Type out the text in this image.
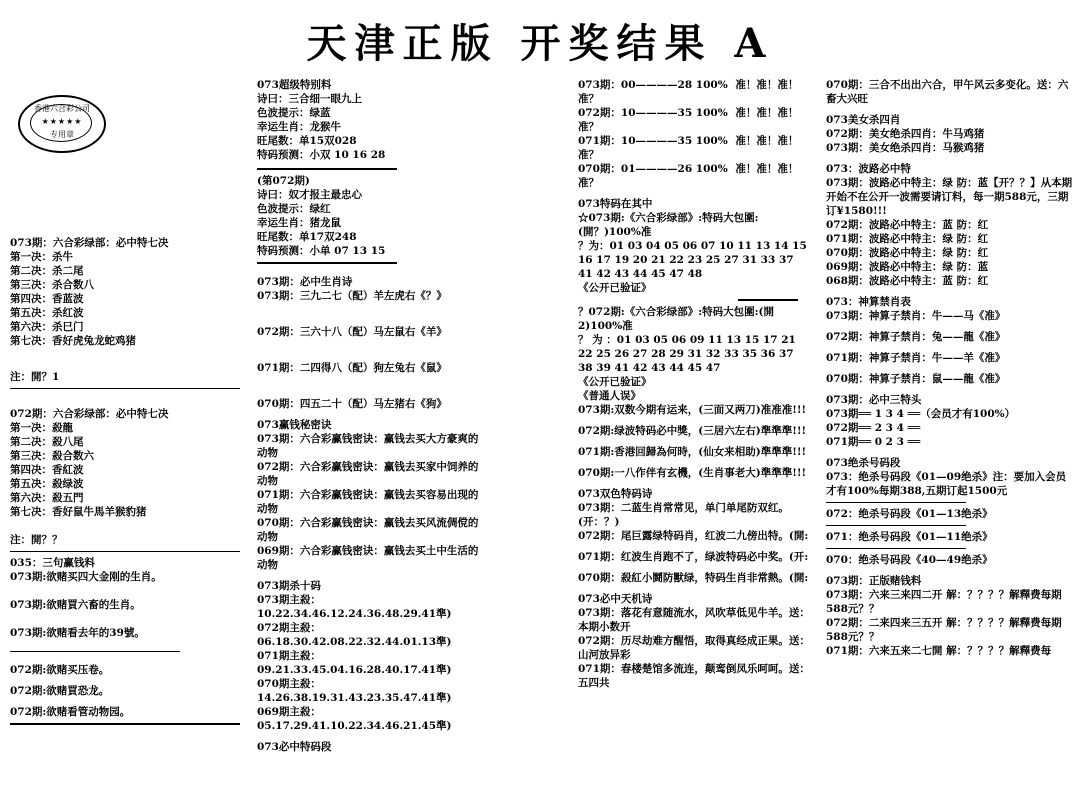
天津正版 开奖结果 A
香港六合彩公司
★★★★★
专用章
073期：六合彩绿部：必中特七决
第一决：杀牛
第二决：杀二尾
第三决：杀合数八
第四决：香蓝波
第五决：杀红波
第六决：杀巳门
第七决：香好虎兔龙蛇鸡猪
注：開？1
072期：六合彩绿部：必中特七决
第一决：殺龍
第二决：殺八尾
第三决：殺合数六
第四决：香紅波
第五决：殺绿波
第六决：殺五門
第七决：香好鼠牛馬羊猴豹猪
注：開？？
035：三句赢钱料
073期:欲赌买四大金刚的生肖。
073期:欲赌買六畜的生肖。
073期:欲赌看去年的39號。
072期:欲赌买压卷。
072期:欲赌買恐龙。
072期:欲赌看管动物园。
073超级特别料
诗曰：三合细一眼九上
色波提示：绿蓝
幸运生肖：龙猴牛
旺尾数：单15双028
特码预测：小双 10 16 28
(第072期)
诗曰：奴才报主最忠心
色波提示：绿红
幸运生肖：猪龙鼠
旺尾数：单17双248
特码预测：小单 07 13 15
073期：必中生肖诗
073期：三九二七（配）羊左虎右《？》
072期：三六十八（配）马左鼠右《羊》
071期：二四得八（配）狗左兔右《鼠》
070期：四五二十（配）马左猪右《狗》
073赢钱秘密诀
073期：六合彩赢钱密诀：赢钱去买大方豪爽的动物
072期：六合彩赢钱密诀：赢钱去买家中饲养的动物
071期：六合彩赢钱密诀：赢钱去买容易出现的动物
070期：六合彩赢钱密诀：赢钱去买风流倜傥的动物
069期：六合彩赢钱密诀：赢钱去买土中生活的动物
073期杀十码
073期主殺： 10.22.34.46.12.24.36.48.29.41準)
072期主殺： 06.18.30.42.08.22.32.44.01.13準)
071期主殺： 09.21.33.45.04.16.28.40.17.41準)
070期主殺： 14.26.38.19.31.43.23.35.47.41準)
069期主殺： 05.17.29.41.10.22.34.46.21.45準)
073必中特码段
073期：00————28 100% 准！准！准！准？
072期：10————35 100% 准！准！准！准？
071期：10————35 100% 准！准！准！准？
070期：01————26 100% 准！准！准！准？
073特码在其中
☆073期:《六合彩绿部》:特码大包圍:(開？)100%准
？为：01 03 04 05 06 07 10 11 13 14 15 16 17 19 20 21 22 23 25 27 31 33 37 41 42 43 44 45 47 48
《公开已验证》
？072期:《六合彩绿部》:特码大包圍:(開2)100%准
？ 为 ：01 03 05 06 09 11 13 15 17 21 22 25 26 27 28 29 31 32 33 35 36 37 38 39 41 42 43 44 45 47
《公开已验证》
《普通人误》
073期:双数今期有运来，(三面又两刀)准准准!!!
072期:绿波特码必中獎，(三居六左右)準準準!!!
071期:香港回歸為何時，(仙女来相助)準準準!!!
070期:一八作伴有玄機，(生肖事老大)準準準!!!
073双色特码诗
073期：二蓝生肖常常见，单门单尾防双红。(开：？)
072期：尾巨露绿特码肖，红波二九傍出特。(開:
071期：红波生肖跑不了，绿波特码必中奖。(开:
070期：殺紅小鬪防獸绿，特码生肖非常熱。(開:
073必中天机诗
073期：落花有意随流水，风吹草低见牛羊。送：本期小数开
072期：历尽劫难方醒悟，取得真经成正果。送：山河放异彩
071期：春楼楚馆多流连，颠鸾倒凤乐呵呵。送：五四共
070期：三合不出出六合，甲午风云多变化。送：六畜大兴旺
073美女杀四肖
072期：美女绝杀四肖：牛马鸡猪
073期：美女绝杀四肖：马猴鸡猪
073：波路必中特
073期：波路必中特主：绿 防：蓝【开？？】从本期开始不在公开一波需要请订料，每一期588元，三期订¥1580!!!
072期：波路必中特主：蓝 防：红
071期：波路必中特主：绿 防：红
070期：波路必中特主：绿 防：红
069期：波路必中特主：绿 防：蓝
068期：波路必中特主：蓝 防：红
073：神算禁肖表
073期：神算子禁肖：牛——马《准》
072期：神算子禁肖：兔——龍《准》
071期：神算子禁肖：牛——羊《准》
070期：神算子禁肖：鼠——龍《准》
073期：必中三特头
073期══ 1 3 4 ══（会员才有100%）
072期══ 2 3 4 ══
071期══ 0 2 3 ══
073绝杀号码段
073：绝杀号码段《01—09绝杀》注：要加入会员才有100%每期388,五期订起1500元
072：绝杀号码段《01—13绝杀》
071：绝杀号码段《01—11绝杀》
070：绝杀号码段《40—49绝杀》
073期：正版赌钱料
073期：六来三来四二开 解：？？？？解釋费每期588元？？
072期：二来四来三五开 解：？？？？解釋费每期588元？？
071期：六来五来二七開 解：？？？？解釋费每
